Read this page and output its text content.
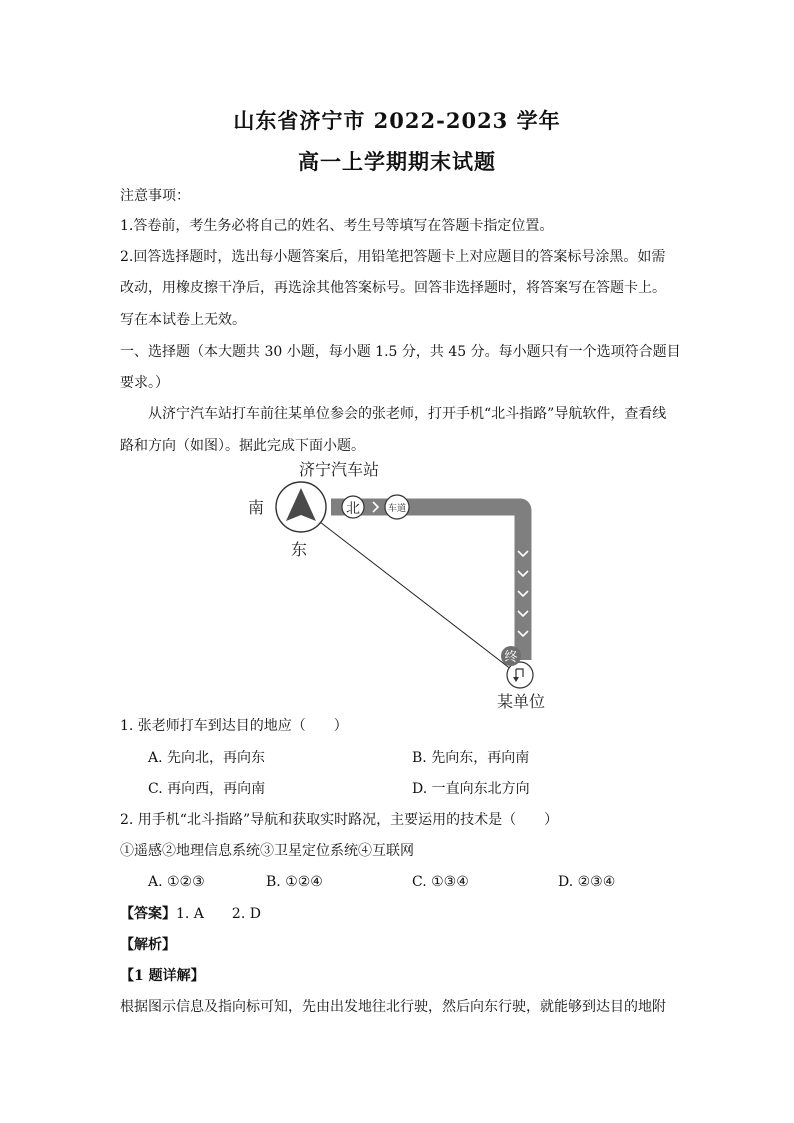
山东省济宁市 2022-2023 学年
高一上学期期末试题
注意事项：
1.答卷前，考生务必将自己的姓名、考生号等填写在答题卡指定位置。
2.回答选择题时，选出每小题答案后，用铅笔把答题卡上对应题目的答案标号涂黑。如需
改动，用橡皮擦干净后，再选涂其他答案标号。回答非选择题时，将答案写在答题卡上。
写在本试卷上无效。
一、选择题（本大题共 30 小题，每小题 1.5 分，共 45 分。每小题只有一个选项符合题目
要求。）
从济宁汽车站打车前往某单位参会的张老师，打开手机“北斗指路”导航软件，查看线
路和方向（如图）。据此完成下面小题。
济宁汽车站
南
东
北	车道
终
某单位
1. 张老师打车到达目的地应（　　）
A. 先向北，再向东	B. 先向东，再向南
C. 再向西，再向南	D. 一直向东北方向
2. 用手机“北斗指路”导航和获取实时路况，主要运用的技术是（　　）
①遥感②地理信息系统③卫星定位系统④互联网
A. ①②③	B. ①②④	C. ①③④	D. ②③④
【答案】1. A　　2. D
【解析】
【1 题详解】
根据图示信息及指向标可知，先由出发地往北行驶，然后向东行驶，就能够到达目的地附
